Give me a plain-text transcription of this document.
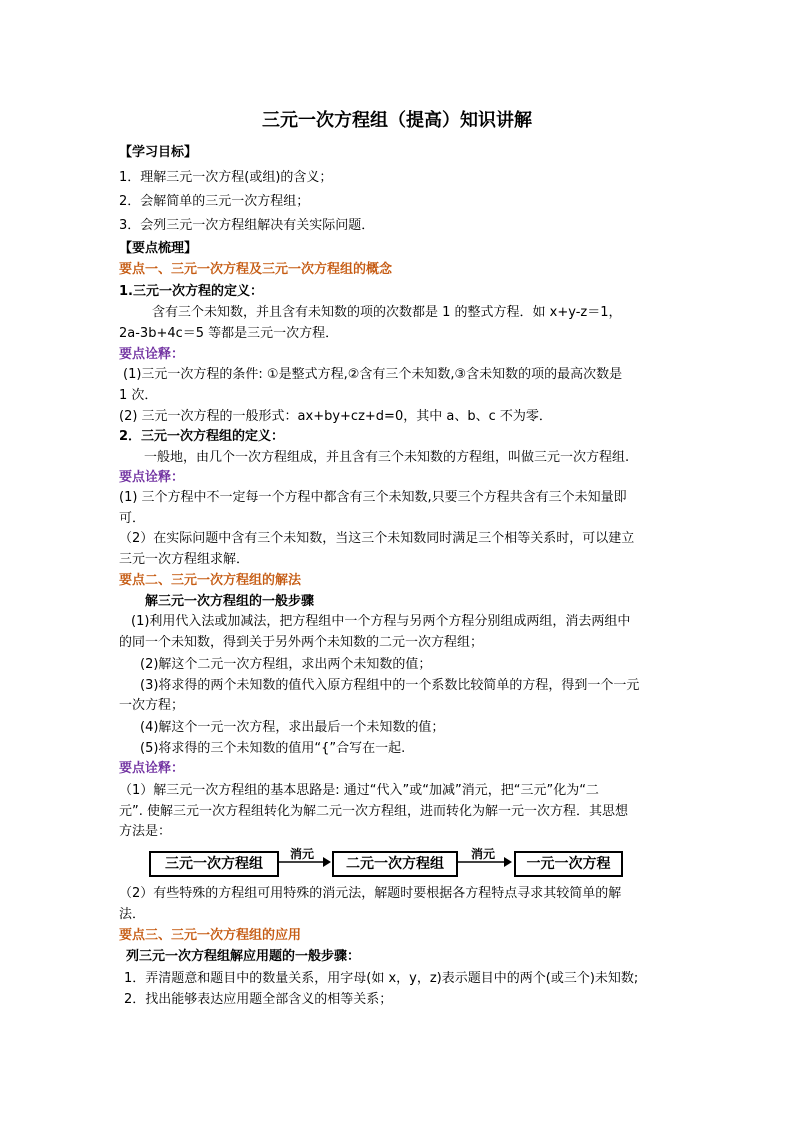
三元一次方程组（提高）知识讲解
【学习目标】
1．理解三元一次方程(或组)的含义；
2．会解简单的三元一次方程组；
3．会列三元一次方程组解决有关实际问题．
【要点梳理】
要点一、三元一次方程及三元一次方程组的概念
1.三元一次方程的定义：
含有三个未知数，并且含有未知数的项的次数都是 1 的整式方程．如 x+y-z＝1，
2a-3b+4c＝5 等都是三元一次方程．
要点诠释：
(1)三元一次方程的条件: ①是整式方程,②含有三个未知数,③含未知数的项的最高次数是
1 次．
(2) 三元一次方程的一般形式：ax+by+cz+d=0，其中 a、b、c 不为零．
2．三元一次方程组的定义：
一般地，由几个一次方程组成，并且含有三个未知数的方程组，叫做三元一次方程组.
要点诠释：
(1) 三个方程中不一定每一个方程中都含有三个未知数,只要三个方程共含有三个未知量即
可．
（2）在实际问题中含有三个未知数，当这三个未知数同时满足三个相等关系时，可以建立
三元一次方程组求解．
要点二、三元一次方程组的解法
解三元一次方程组的一般步骤
(1)利用代入法或加减法，把方程组中一个方程与另两个方程分别组成两组，消去两组中
的同一个未知数，得到关于另外两个未知数的二元一次方程组；
(2)解这个二元一次方程组，求出两个未知数的值；
(3)将求得的两个未知数的值代入原方程组中的一个系数比较简单的方程，得到一个一元
一次方程；
(4)解这个一元一次方程，求出最后一个未知数的值；
(5)将求得的三个未知数的值用“{”合写在一起.
要点诠释：
（1）解三元一次方程组的基本思路是: 通过“代入”或“加减”消元，把“三元”化为“二
元”. 使解三元一次方程组转化为解二元一次方程组，进而转化为解一元一次方程．其思想
方法是：
三元一次方程组
消元
二元一次方程组
消元
一元一次方程
（2）有些特殊的方程组可用特殊的消元法，解题时要根据各方程特点寻求其较简单的解
法．
要点三、三元一次方程组的应用
列三元一次方程组解应用题的一般步骤：
1．弄清题意和题目中的数量关系，用字母(如 x，y，z)表示题目中的两个(或三个)未知数;
2．找出能够表达应用题全部含义的相等关系；
